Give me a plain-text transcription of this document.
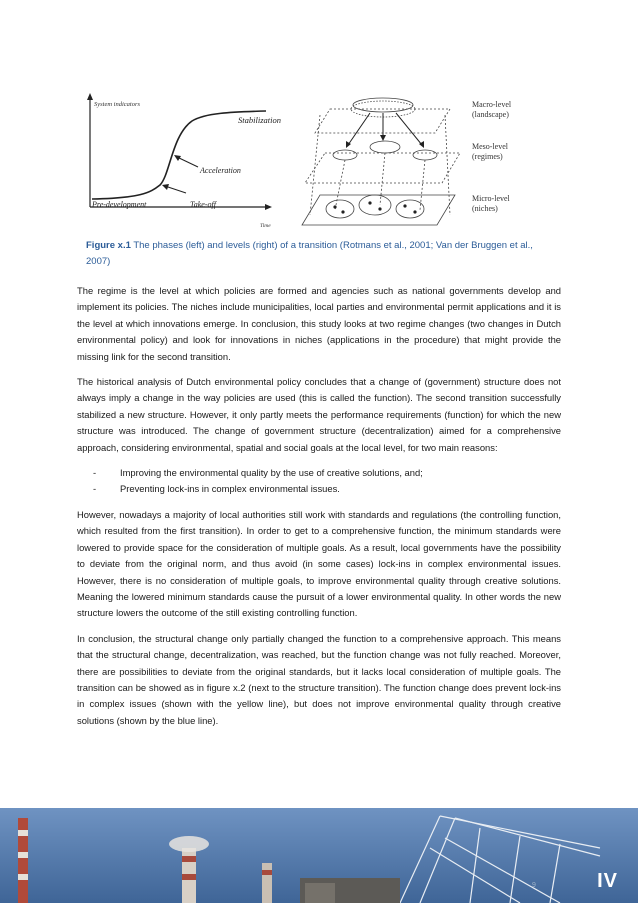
System indicators
Time
Stabilization
Acceleration
Pre-development	Take-off
Macro-level
(landscape)
Meso-level
(regimes)
Micro-level
(niches)
Figure x.1 The phases (left) and levels (right) of a transition (Rotmans et al., 2001; Van der Bruggen et al., 2007)

The regime is the level at which policies are formed and agencies such as national governments develop and implement its policies. The niches include municipalities, local parties and environmental permit applications and it is the level at which innovations emerge. In conclusion, this study looks at two regime changes (two changes in Dutch environmental policy) and look for innovations in niches (applications in the procedure) that might provide the missing link for the second transition.

The historical analysis of Dutch environmental policy concludes that a change of (government) structure does not always imply a change in the way policies are used (this is called the function). The second transition successfully stabilized a new structure. However, it only partly meets the performance requirements (function) for which the new structure was introduced. The change of government structure (decentralization) aimed for a comprehensive approach, considering environmental, spatial and social goals at the local level, for two main reasons:

- Improving the environmental quality by the use of creative solutions, and;
- Preventing lock-ins in complex environmental issues.

However, nowadays a majority of local authorities still work with standards and regulations (the controlling function, which resulted from the first transition). In order to get to a comprehensive function, the minimum standards were lowered to provide space for the consideration of multiple goals. As a result, local governments have the possibility to deviate from the original norm, and thus avoid (in some cases) lock-ins in complex environmental issues. However, there is no consideration of multiple goals, to improve environmental quality through creative solutions. Meaning the lowered minimum standards cause the pursuit of a lower environmental quality. In other words the new structure lowers the outcome of the still existing controlling function.

In conclusion, the structural change only partially changed the function to a comprehensive approach. This means that the structural change, decentralization, was reached, but the function change was not fully reached. Moreover, there are possibilities to deviate from the original standards, but it lacks local consideration of multiple goals. The transition can be showed as in figure x.2 (next to the structure transition). The function change does prevent lock-ins in complex issues (shown with the yellow line), but does not improve environmental quality through creative solutions (shown by the blue line).

IV
9
